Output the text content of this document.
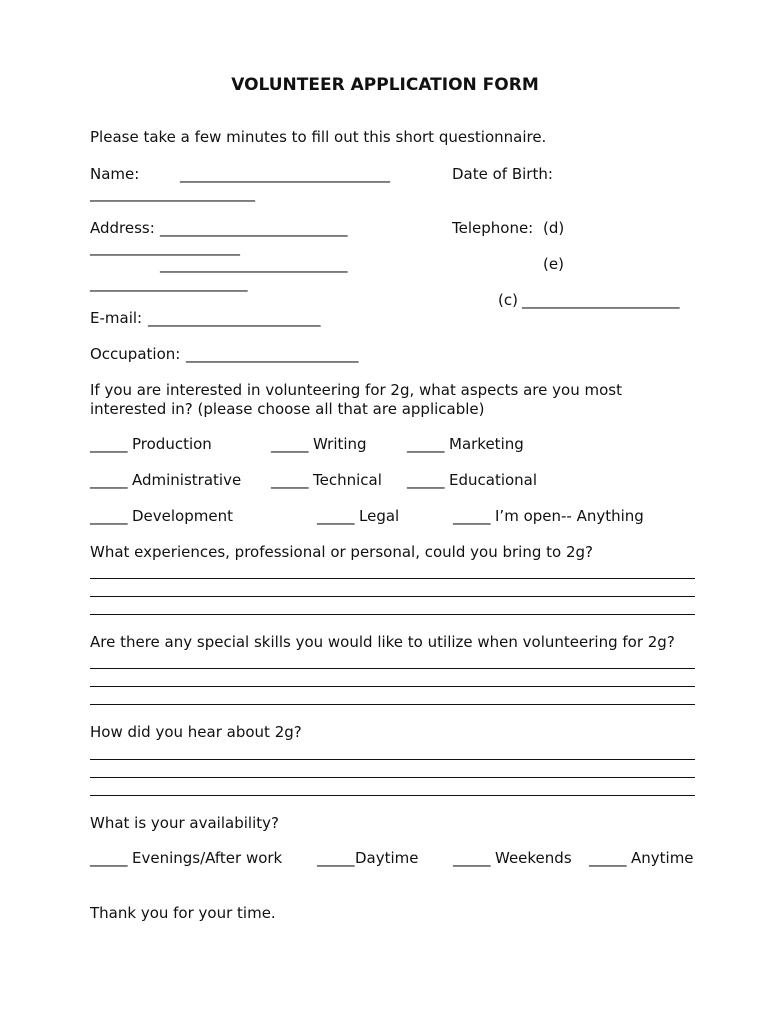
VOLUNTEER APPLICATION FORM
Please take a few minutes to fill out this short questionnaire.
Name:	____________________________	Date of Birth:
______________________
Address: _________________________	Telephone: (d)
____________________
_________________________	(e)
_____________________
(c) _____________________
E-mail: _______________________
Occupation: _______________________
If you are interested in volunteering for 2g, what aspects are you most
interested in? (please choose all that are applicable)
_____ Production	_____ Writing	_____ Marketing
_____ Administrative _____ Technical _____ Educational
_____ Development	_____ Legal	_____ I’m open-- Anything
What experiences, professional or personal, could you bring to 2g?
Are there any special skills you would like to utilize when volunteering for 2g?
How did you hear about 2g?
What is your availability?
_____ Evenings/After work _____ Daytime _____ Weekends _____ Anytime
Thank you for your time.
